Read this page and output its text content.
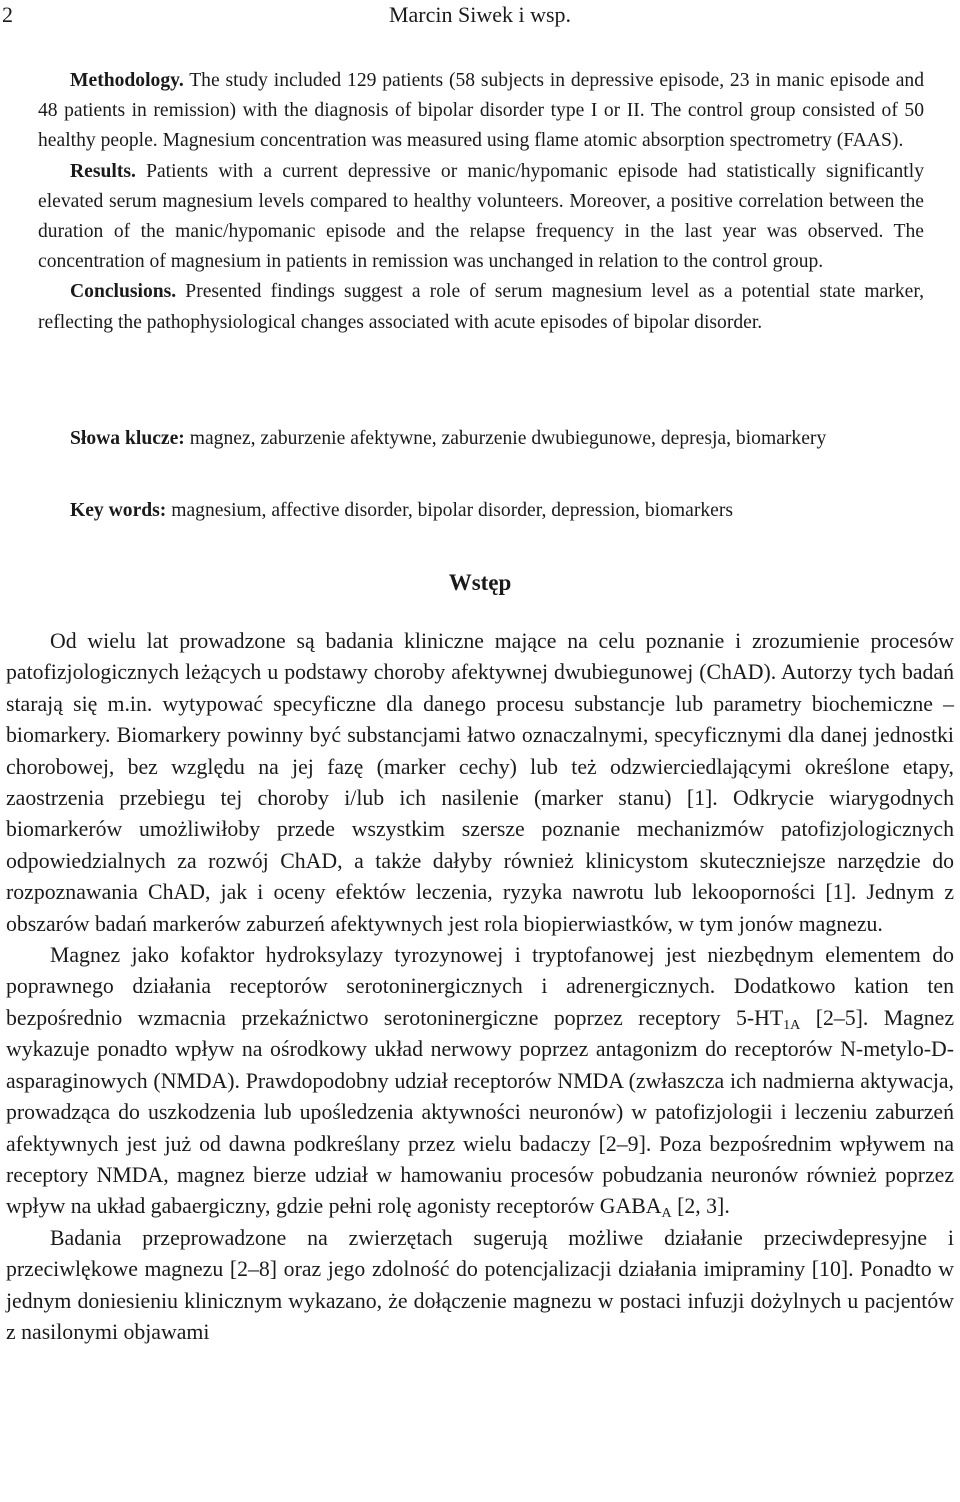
2	Marcin Siwek i wsp.

Methodology. The study included 129 patients (58 subjects in depressive episode, 23 in manic episode and 48 patients in remission) with the diagnosis of bipolar disorder type I or II. The control group consisted of 50 healthy people. Magnesium concentration was measured using flame atomic absorption spectrometry (FAAS).

Results. Patients with a current depressive or manic/hypomanic episode had statistically significantly elevated serum magnesium levels compared to healthy volunteers. Moreover, a positive correlation between the duration of the manic/hypomanic episode and the relapse frequency in the last year was observed. The concentration of magnesium in patients in remission was unchanged in relation to the control group.

Conclusions. Presented findings suggest a role of serum magnesium level as a potential state marker, reflecting the pathophysiological changes associated with acute episodes of bipolar disorder.

Słowa klucze: magnez, zaburzenie afektywne, zaburzenie dwubiegunowe, depresja, biomarkery

Key words: magnesium, affective disorder, bipolar disorder, depression, biomarkers

Wstęp

Od wielu lat prowadzone są badania kliniczne mające na celu poznanie i zrozumienie procesów patofizjologicznych leżących u podstawy choroby afektywnej dwubiegunowej (ChAD). Autorzy tych badań starają się m.in. wytypować specyficzne dla danego procesu substancje lub parametry biochemiczne – biomarkery. Biomarkery powinny być substancjami łatwo oznaczalnymi, specyficznymi dla danej jednostki chorobowej, bez względu na jej fazę (marker cechy) lub też odzwierciedlającymi określone etapy, zaostrzenia przebiegu tej choroby i/lub ich nasilenie (marker stanu) [1]. Odkrycie wiarygodnych biomarkerów umożliwiłoby przede wszystkim szersze poznanie mechanizmów patofizjologicznych odpowiedzialnych za rozwój ChAD, a także dałyby również klinicystom skuteczniejsze narzędzie do rozpoznawania ChAD, jak i oceny efektów leczenia, ryzyka nawrotu lub lekooporności [1]. Jednym z obszarów badań markerów zaburzeń afektywnych jest rola biopierwiastków, w tym jonów magnezu.

Magnez jako kofaktor hydroksylazy tyrozynowej i tryptofanowej jest niezbędnym elementem do poprawnego działania receptorów serotoninergicznych i adrenergicznych. Dodatkowo kation ten bezpośrednio wzmacnia przekaźnictwo serotoninergiczne poprzez receptory $5-HT_{1A}$ [2–5]. Magnez wykazuje ponadto wpływ na ośrodkowy układ nerwowy poprzez antagonizm do receptorów N-metylo-D-asparaginowych (NMDA). Prawdopodobny udział receptorów NMDA (zwłaszcza ich nadmierna aktywacja, prowadząca do uszkodzenia lub upośledzenia aktywności neuronów) w patofizjologii i leczeniu zaburzeń afektywnych jest już od dawna podkreślany przez wielu badaczy [2–9]. Poza bezpośrednim wpływem na receptory NMDA, magnez bierze udział w hamowaniu procesów pobudzania neuronów również poprzez wpływ na układ gabaergiczny, gdzie pełni rolę agonisty receptorów $GABA_A$ [2, 3].

Badania przeprowadzone na zwierzętach sugerują możliwe działanie przeciwdepresyjne i przeciwlękowe magnezu [2–8] oraz jego zdolność do potencjalizacji działania imipraminy [10]. Ponadto w jednym doniesieniu klinicznym wykazano, że dołączenie magnezu w postaci infuzji dożylnych u pacjentów z nasilonymi objawami
